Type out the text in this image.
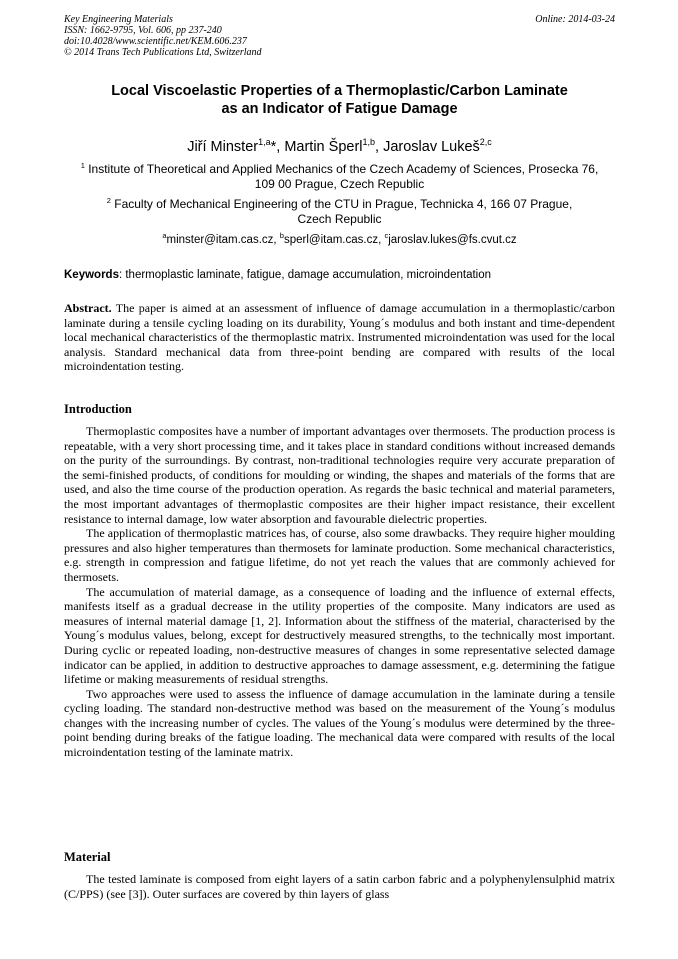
Key Engineering Materials
ISSN: 1662-9795, Vol. 606, pp 237-240
doi:10.4028/www.scientific.net/KEM.606.237
© 2014 Trans Tech Publications Ltd, Switzerland
Online: 2014-03-24
Local Viscoelastic Properties of a Thermoplastic/Carbon Laminate
as an Indicator of Fatigue Damage
Jiří Minster$^{1,a}$*, Martin Šperl$^{1,b}$, Jaroslav Lukeš$^{2,c}$
$^1$ Institute of Theoretical and Applied Mechanics of the Czech Academy of Sciences, Prosecka 76,
109 00 Prague, Czech Republic
$^2$ Faculty of Mechanical Engineering of the CTU in Prague, Technicka 4, 166 07 Prague,
Czech Republic
$^a$minster@itam.cas.cz, $^b$sperl@itam.cas.cz, $^c$jaroslav.lukes@fs.cvut.cz
Keywords: thermoplastic laminate, fatigue, damage accumulation, microindentation

Abstract. The paper is aimed at an assessment of influence of damage accumulation in a thermoplastic/carbon laminate during a tensile cycling loading on its durability, Young´s modulus and both instant and time-dependent local mechanical characteristics of the thermoplastic matrix. Instrumented microindentation was used for the local analysis. Standard mechanical data from three-point bending are compared with results of the local microindentation testing.

Introduction

Thermoplastic composites have a number of important advantages over thermosets. The production process is repeatable, with a very short processing time, and it takes place in standard conditions without increased demands on the purity of the surroundings. By contrast, non-traditional technologies require very accurate preparation of the semi-finished products, of conditions for moulding or winding, the shapes and materials of the forms that are used, and also the time course of the production operation. As regards the basic technical and material parameters, the most important advantages of thermoplastic composites are their higher impact resistance, their excellent resistance to internal damage, low water absorption and favourable dielectric properties.

The application of thermoplastic matrices has, of course, also some drawbacks. They require higher moulding pressures and also higher temperatures than thermosets for laminate production. Some mechanical characteristics, e.g. strength in compression and fatigue lifetime, do not yet reach the values that are commonly achieved for thermosets.

The accumulation of material damage, as a consequence of loading and the influence of external effects, manifests itself as a gradual decrease in the utility properties of the composite. Many indicators are used as measures of internal material damage [1, 2]. Information about the stiffness of the material, characterised by the Young´s modulus values, belong, except for destructively measured strengths, to the technically most important. During cyclic or repeated loading, non-destructive measures of changes in some representative selected damage indicator can be applied, in addition to destructive approaches to damage assessment, e.g. determining the fatigue lifetime or making measurements of residual strengths.

Two approaches were used to assess the influence of damage accumulation in the laminate during a tensile cycling loading. The standard non-destructive method was based on the measurement of the Young´s modulus changes with the increasing number of cycles. The values of the Young´s modulus were determined by the three-point bending during breaks of the fatigue loading. The mechanical data were compared with results of the local microindentation testing of the laminate matrix.

Material

The tested laminate is composed from eight layers of a satin carbon fabric and a polyphenylensulphid matrix (C/PPS) (see [3]). Outer surfaces are covered by thin layers of glass
